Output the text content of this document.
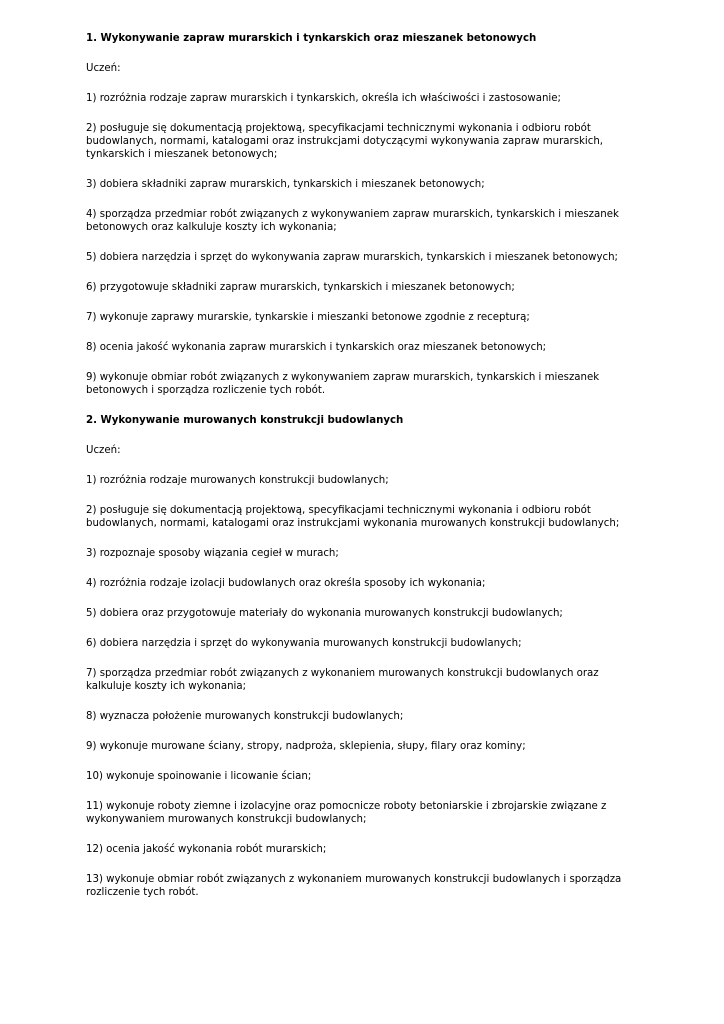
1. Wykonywanie zapraw murarskich i tynkarskich oraz mieszanek betonowych
Uczeń:
1) rozróżnia rodzaje zapraw murarskich i tynkarskich, określa ich właściwości i zastosowanie;
2) posługuje się dokumentacją projektową, specyfikacjami technicznymi wykonania i odbioru robót budowlanych, normami, katalogami oraz instrukcjami dotyczącymi wykonywania zapraw murarskich, tynkarskich i mieszanek betonowych;
3) dobiera składniki zapraw murarskich, tynkarskich i mieszanek betonowych;
4) sporządza przedmiar robót związanych z wykonywaniem zapraw murarskich, tynkarskich i mieszanek betonowych oraz kalkuluje koszty ich wykonania;
5) dobiera narzędzia i sprzęt do wykonywania zapraw murarskich, tynkarskich i mieszanek betonowych;
6) przygotowuje składniki zapraw murarskich, tynkarskich i mieszanek betonowych;
7) wykonuje zaprawy murarskie, tynkarskie i mieszanki betonowe zgodnie z recepturą;
8) ocenia jakość wykonania zapraw murarskich i tynkarskich oraz mieszanek betonowych;
9) wykonuje obmiar robót związanych z wykonywaniem zapraw murarskich, tynkarskich i mieszanek betonowych i sporządza rozliczenie tych robót.
2. Wykonywanie murowanych konstrukcji budowlanych
Uczeń:
1) rozróżnia rodzaje murowanych konstrukcji budowlanych;
2) posługuje się dokumentacją projektową, specyfikacjami technicznymi wykonania i odbioru robót budowlanych, normami, katalogami oraz instrukcjami wykonania murowanych konstrukcji budowlanych;
3) rozpoznaje sposoby wiązania cegieł w murach;
4) rozróżnia rodzaje izolacji budowlanych oraz określa sposoby ich wykonania;
5) dobiera oraz przygotowuje materiały do wykonania murowanych konstrukcji budowlanych;
6) dobiera narzędzia i sprzęt do wykonywania murowanych konstrukcji budowlanych;
7) sporządza przedmiar robót związanych z wykonaniem murowanych konstrukcji budowlanych oraz kalkuluje koszty ich wykonania;
8) wyznacza położenie murowanych konstrukcji budowlanych;
9) wykonuje murowane ściany, stropy, nadproża, sklepienia, słupy, filary oraz kominy;
10) wykonuje spoinowanie i licowanie ścian;
11) wykonuje roboty ziemne i izolacyjne oraz pomocnicze roboty betoniarskie i zbrojarskie związane z wykonywaniem murowanych konstrukcji budowlanych;
12) ocenia jakość wykonania robót murarskich;
13) wykonuje obmiar robót związanych z wykonaniem murowanych konstrukcji budowlanych i sporządza rozliczenie tych robót.
